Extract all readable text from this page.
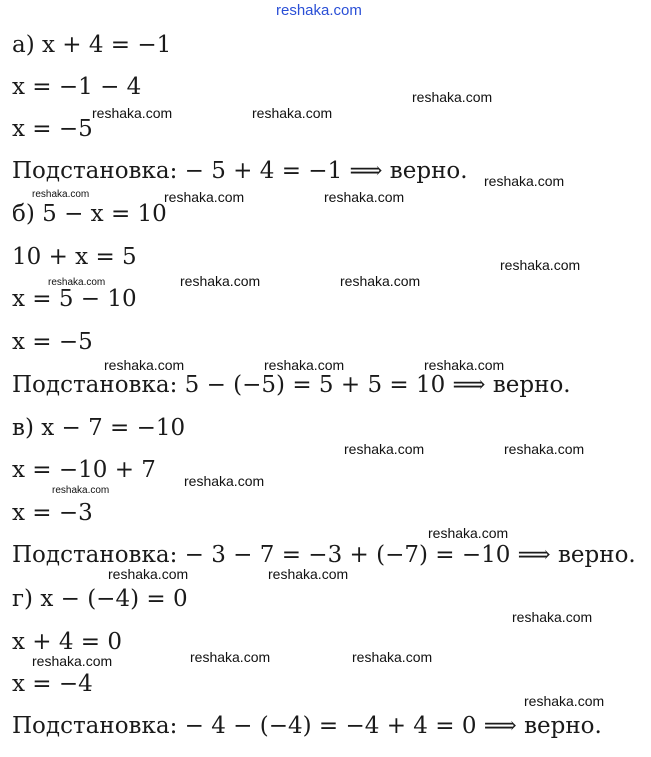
reshaka.com
а) x + 4 = −1
x = −1 − 4
x = −5
Подстановка: − 5 + 4 = −1 ⟹ верно.
б) 5 − x = 10
10 + x = 5
x = 5 − 10
x = −5
Подстановка: 5 − (−5) = 5 + 5 = 10 ⟹ верно.
в) x − 7 = −10
x = −10 + 7
x = −3
Подстановка: − 3 − 7 = −3 + (−7) = −10 ⟹ верно.
г) x − (−4) = 0
x + 4 = 0
x = −4
Подстановка: − 4 − (−4) = −4 + 4 = 0 ⟹ верно.
reshaka.com
reshaka.com	reshaka.com
reshaka.com
reshaka.com	reshaka.com	reshaka.com
reshaka.com
reshaka.com	reshaka.com	reshaka.com
reshaka.com	reshaka.com	reshaka.com
reshaka.com	reshaka.com
reshaka.com
reshaka.com
reshaka.com
reshaka.com	reshaka.com
reshaka.com
reshaka.com	reshaka.com
reshaka.com
reshaka.com
